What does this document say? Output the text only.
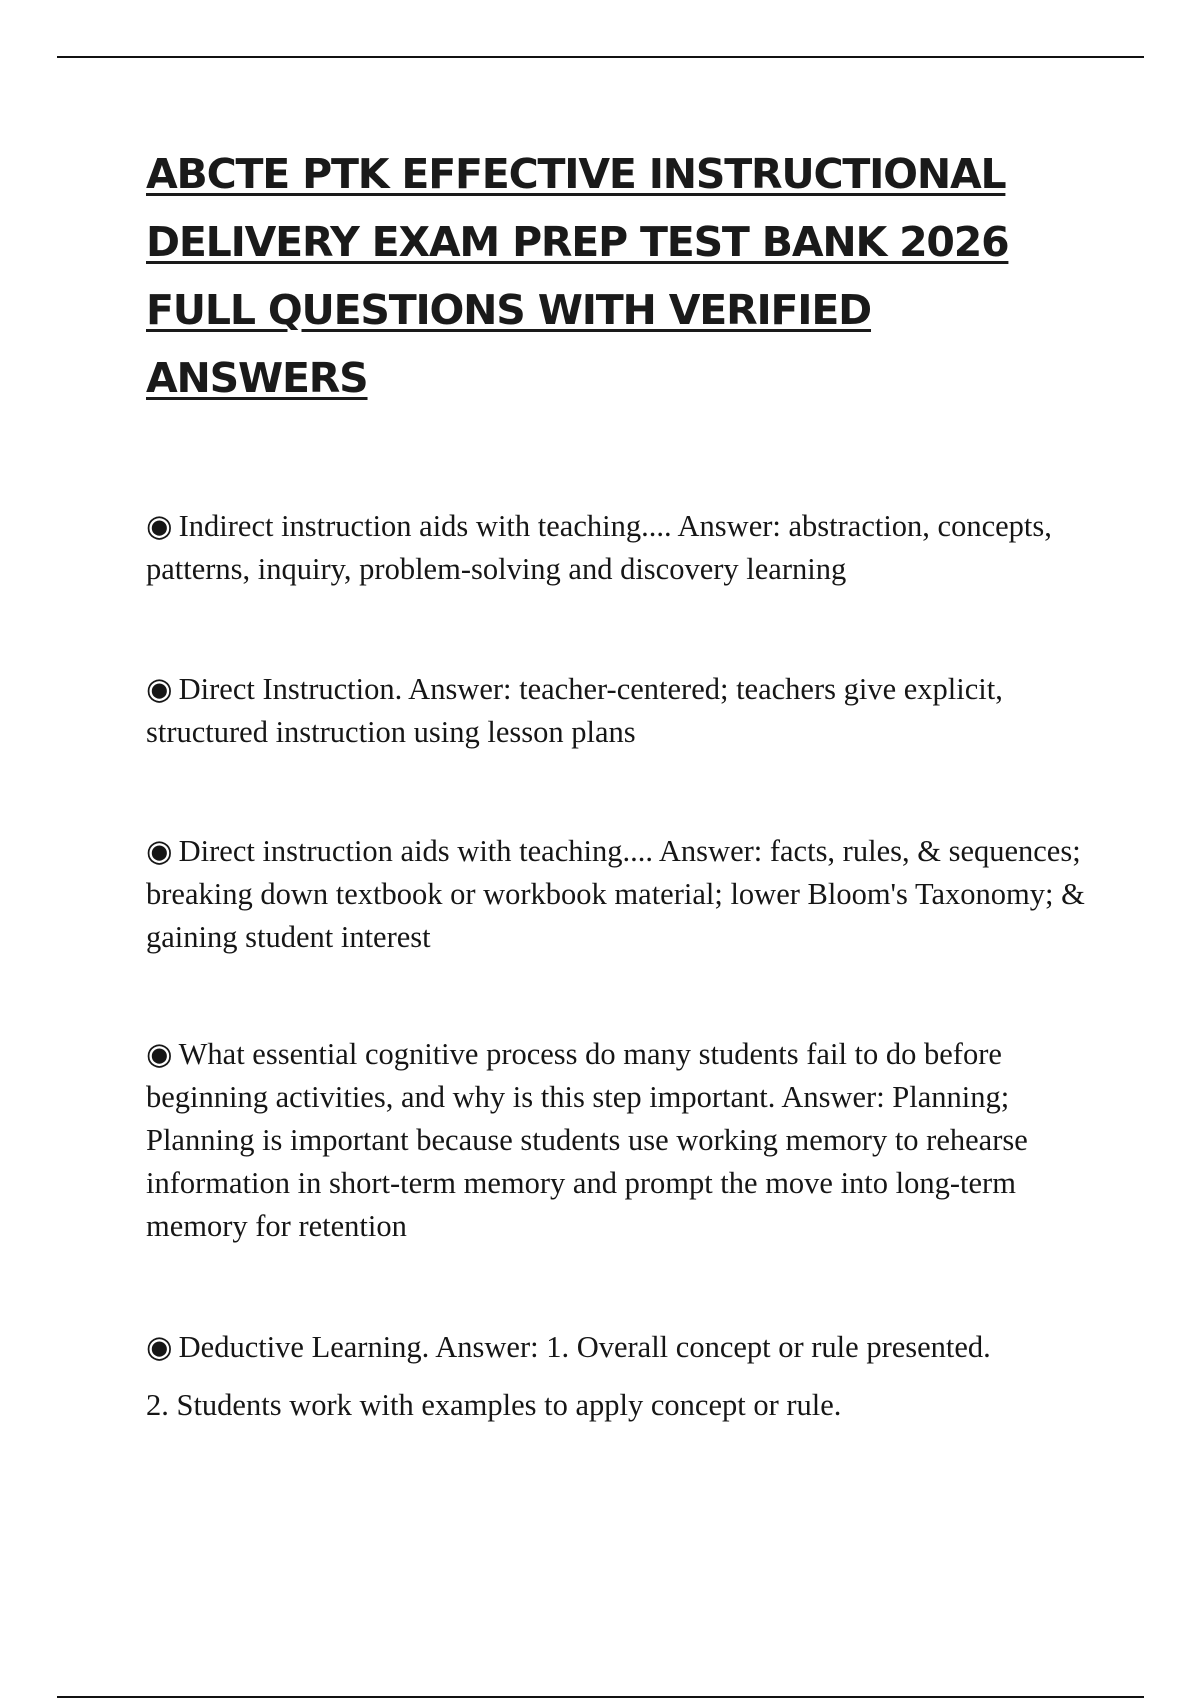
ABCTE PTK EFFECTIVE INSTRUCTIONAL DELIVERY EXAM PREP TEST BANK 2026 FULL QUESTIONS WITH VERIFIED ANSWERS

◉ Indirect instruction aids with teaching.... Answer: abstraction, concepts, patterns, inquiry, problem-solving and discovery learning

◉ Direct Instruction. Answer: teacher-centered; teachers give explicit, structured instruction using lesson plans

◉ Direct instruction aids with teaching.... Answer: facts, rules, & sequences; breaking down textbook or workbook material; lower Bloom's Taxonomy; & gaining student interest

◉ What essential cognitive process do many students fail to do before beginning activities, and why is this step important. Answer: Planning; Planning is important because students use working memory to rehearse information in short-term memory and prompt the move into long-term memory for retention

◉ Deductive Learning. Answer: 1. Overall concept or rule presented.

2. Students work with examples to apply concept or rule.
